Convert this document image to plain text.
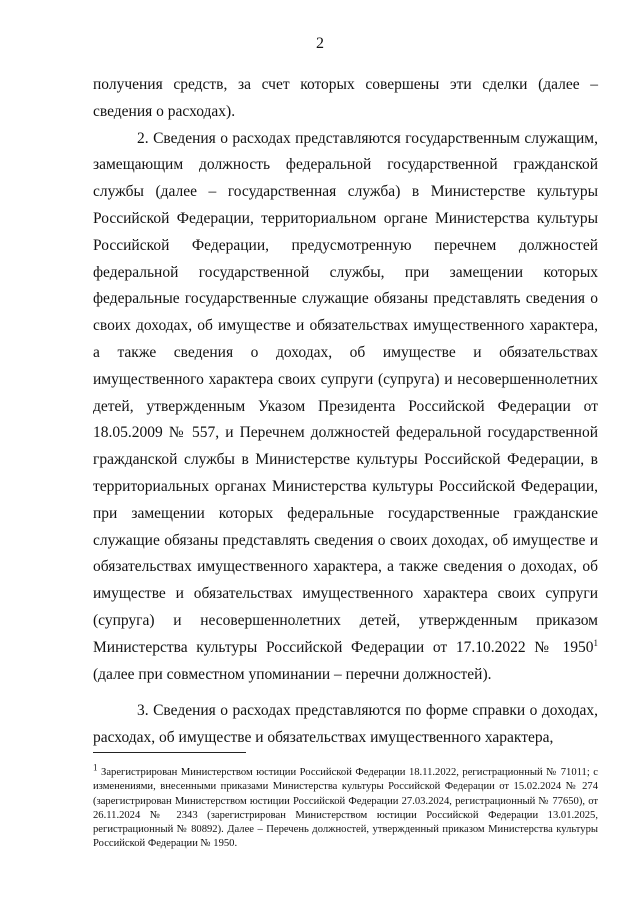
2

получения средств, за счет которых совершены эти сделки (далее – сведения о расходах).

2. Сведения о расходах представляются государственным служащим, замещающим должность федеральной государственной гражданской службы (далее – государственная служба) в Министерстве культуры Российской Федерации, территориальном органе Министерства культуры Российской Федерации, предусмотренную перечнем должностей федеральной государственной службы, при замещении которых федеральные государственные служащие обязаны представлять сведения о своих доходах, об имуществе и обязательствах имущественного характера, а также сведения о доходах, об имуществе и обязательствах имущественного характера своих супруги (супруга) и несовершеннолетних детей, утвержденным Указом Президента Российской Федерации от 18.05.2009 № 557, и Перечнем должностей федеральной государственной гражданской службы в Министерстве культуры Российской Федерации, в территориальных органах Министерства культуры Российской Федерации, при замещении которых федеральные государственные гражданские служащие обязаны представлять сведения о своих доходах, об имуществе и обязательствах имущественного характера, а также сведения о доходах, об имуществе и обязательствах имущественного характера своих супруги (супруга) и несовершеннолетних детей, утвержденным приказом Министерства культуры Российской Федерации от 17.10.2022 № 1950$^1$ (далее при совместном упоминании – перечни должностей).

3. Сведения о расходах представляются по форме справки о доходах, расходах, об имуществе и обязательствах имущественного характера,

$^1$ Зарегистрирован Министерством юстиции Российской Федерации 18.11.2022, регистрационный № 71011; с изменениями, внесенными приказами Министерства культуры Российской Федерации от 15.02.2024 № 274 (зарегистрирован Министерством юстиции Российской Федерации 27.03.2024, регистрационный № 77650), от 26.11.2024 № 2343 (зарегистрирован Министерством юстиции Российской Федерации 13.01.2025, регистрационный № 80892). Далее – Перечень должностей, утвержденный приказом Министерства культуры Российской Федерации № 1950.
